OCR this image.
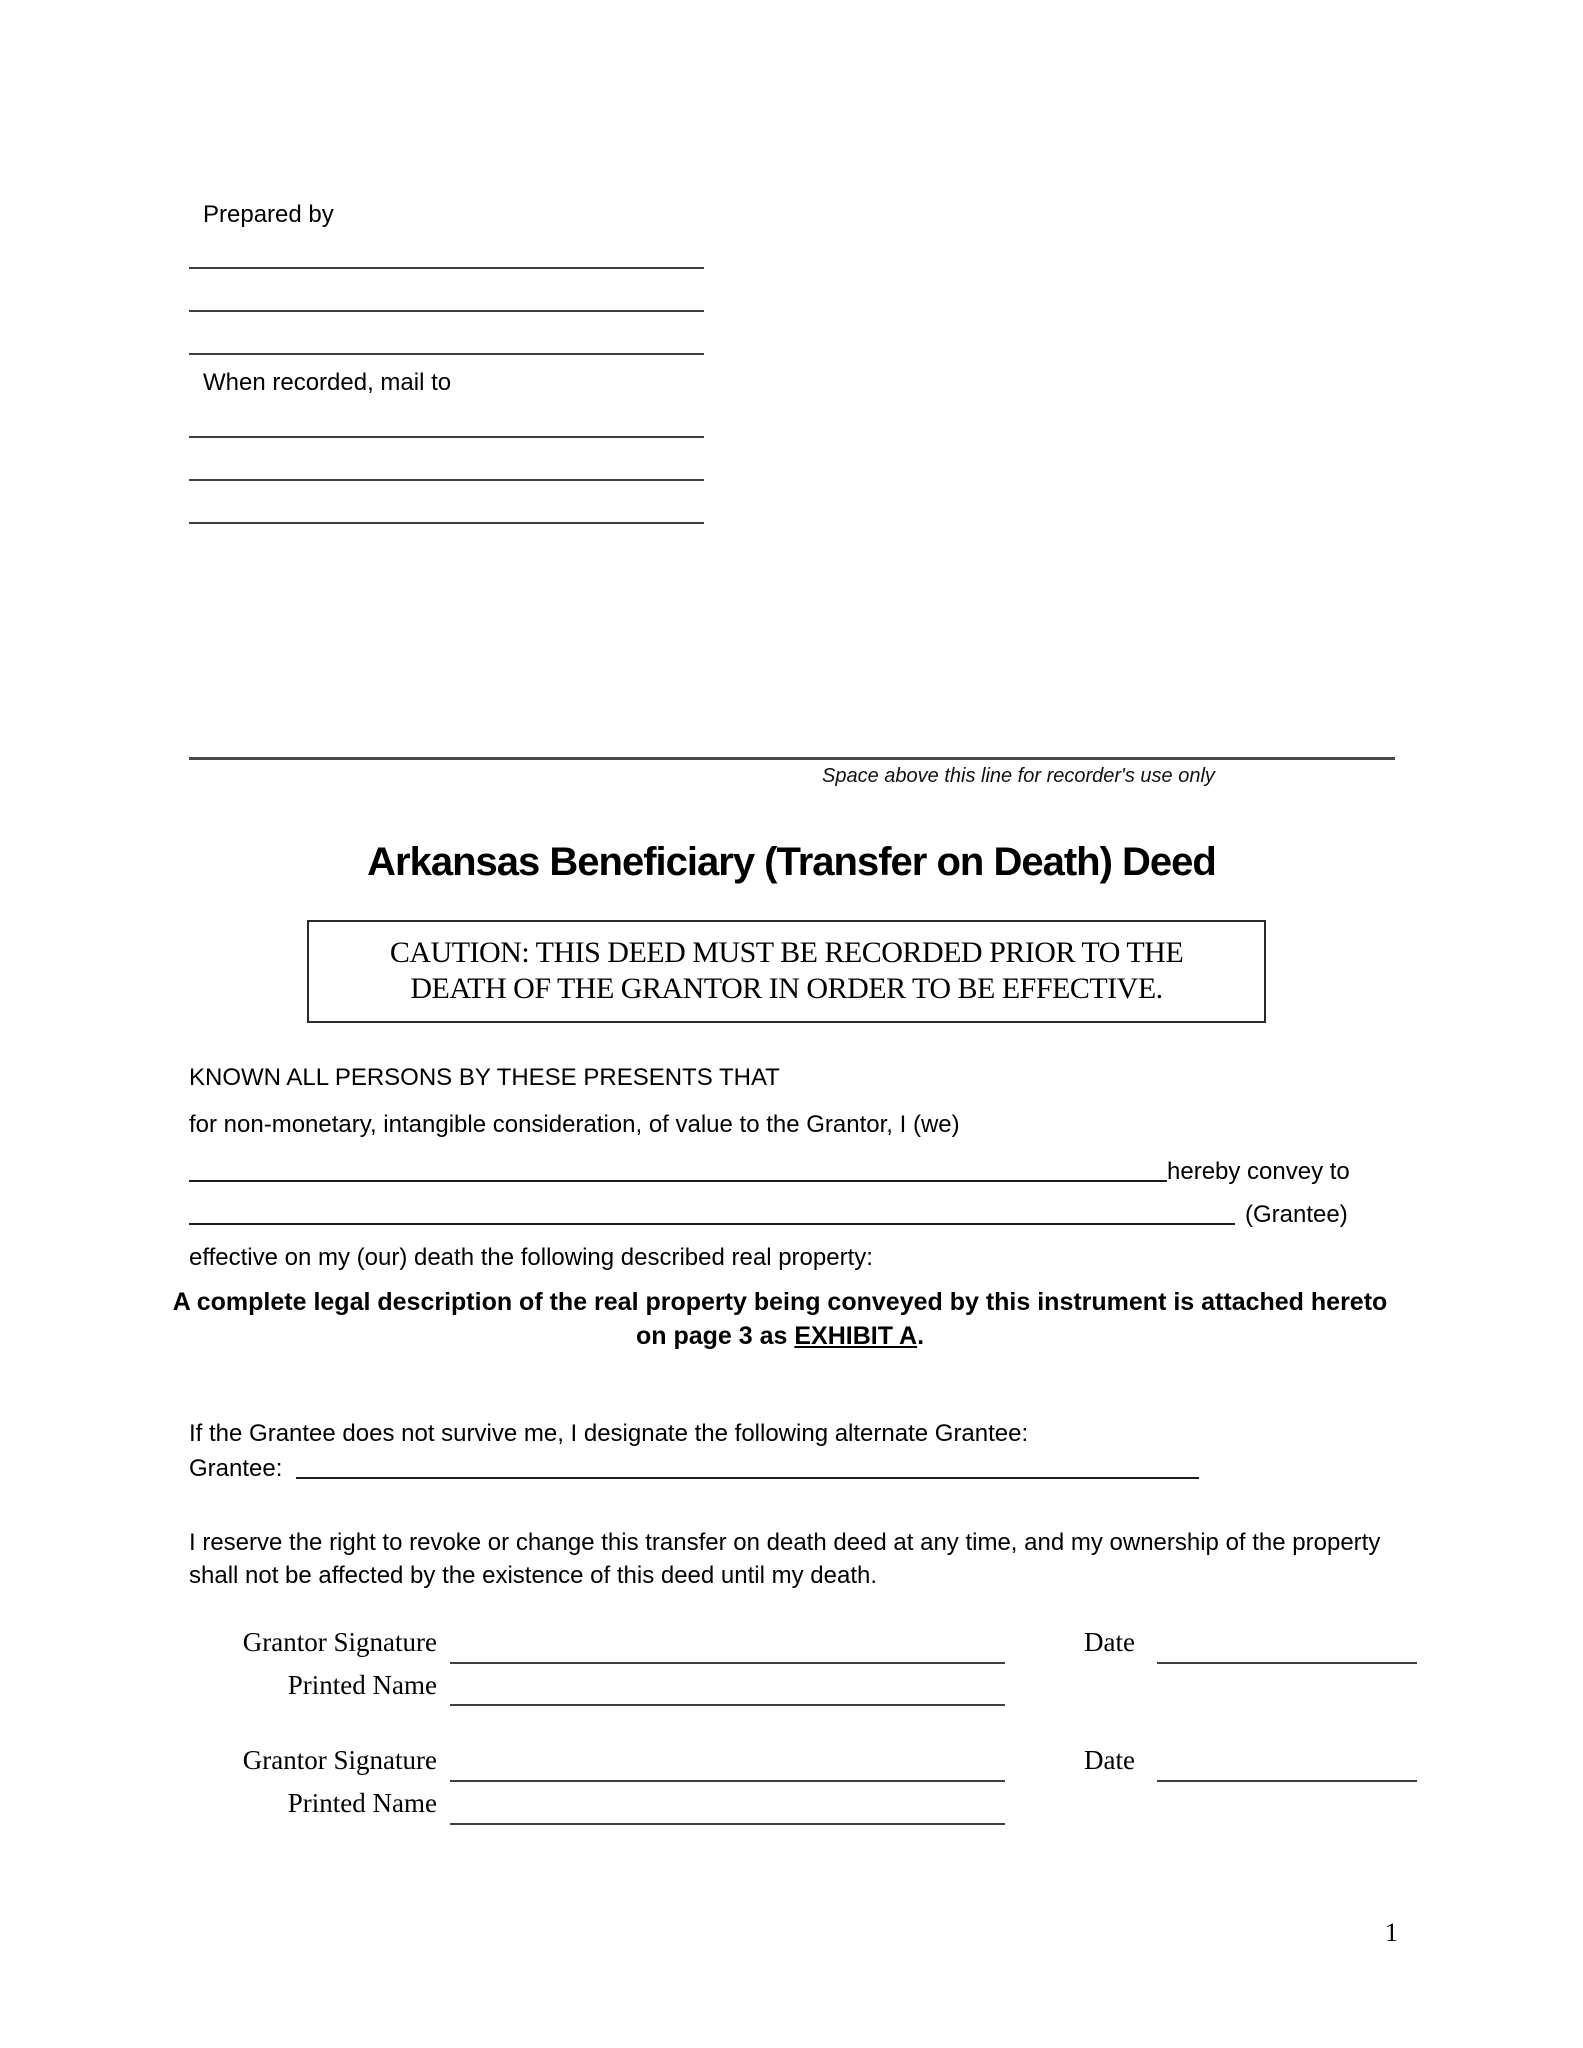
Prepared by
When recorded, mail to
Space above this line for recorder's use only
Arkansas Beneficiary (Transfer on Death) Deed
CAUTION: THIS DEED MUST BE RECORDED PRIOR TO THE
DEATH OF THE GRANTOR IN ORDER TO BE EFFECTIVE.
KNOWN ALL PERSONS BY THESE PRESENTS THAT
for non-monetary, intangible consideration, of value to the Grantor, I (we)
hereby convey to
(Grantee)
effective on my (our) death the following described real property:
A complete legal description of the real property being conveyed by this instrument is attached hereto on page 3 as EXHIBIT A.
If the Grantee does not survive me, I designate the following alternate Grantee:
Grantee:
I reserve the right to revoke or change this transfer on death deed at any time, and my ownership of the property shall not be affected by the existence of this deed until my death.
Grantor Signature	Date
Printed Name
Grantor Signature	Date
Printed Name
1
